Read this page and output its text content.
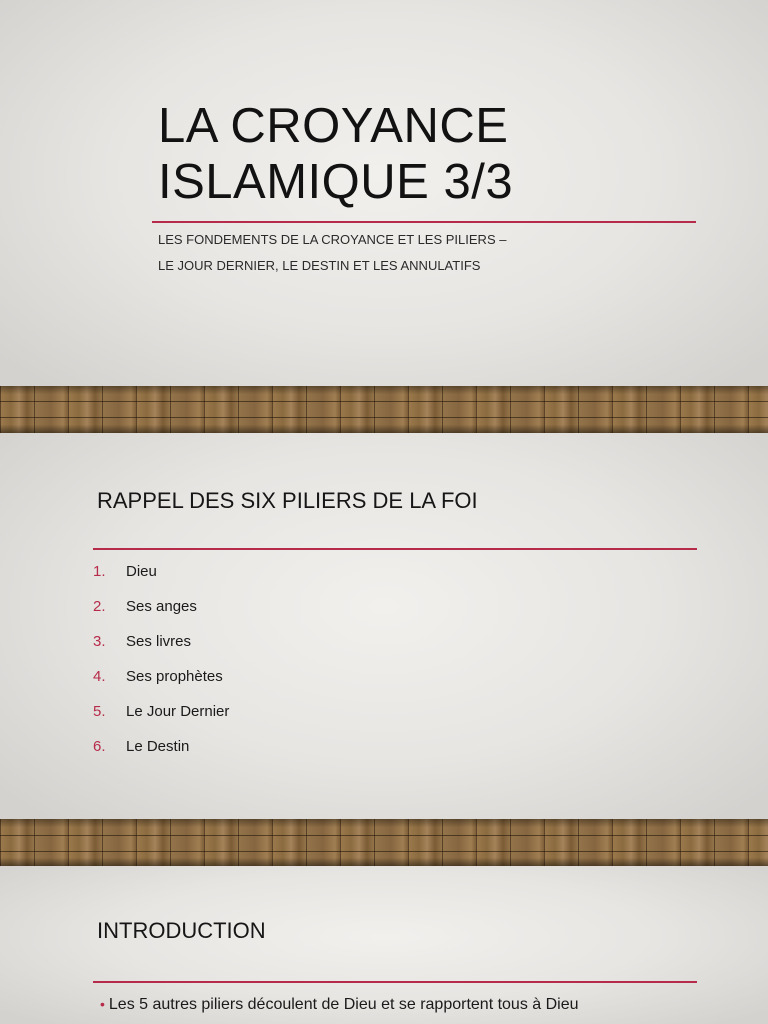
LA CROYANCE
ISLAMIQUE 3/3

LES FONDEMENTS DE LA CROYANCE ET LES PILIERS –

LE JOUR DERNIER, LE DESTIN ET LES ANNULATIFS

RAPPEL DES SIX PILIERS DE LA FOI
1.	Dieu
2.	Ses anges
3.	Ses livres
4.	Ses prophètes
5.	Le Jour Dernier
6.	Le Destin
INTRODUCTION
• Les 5 autres piliers découlent de Dieu et se rapportent tous à Dieu
